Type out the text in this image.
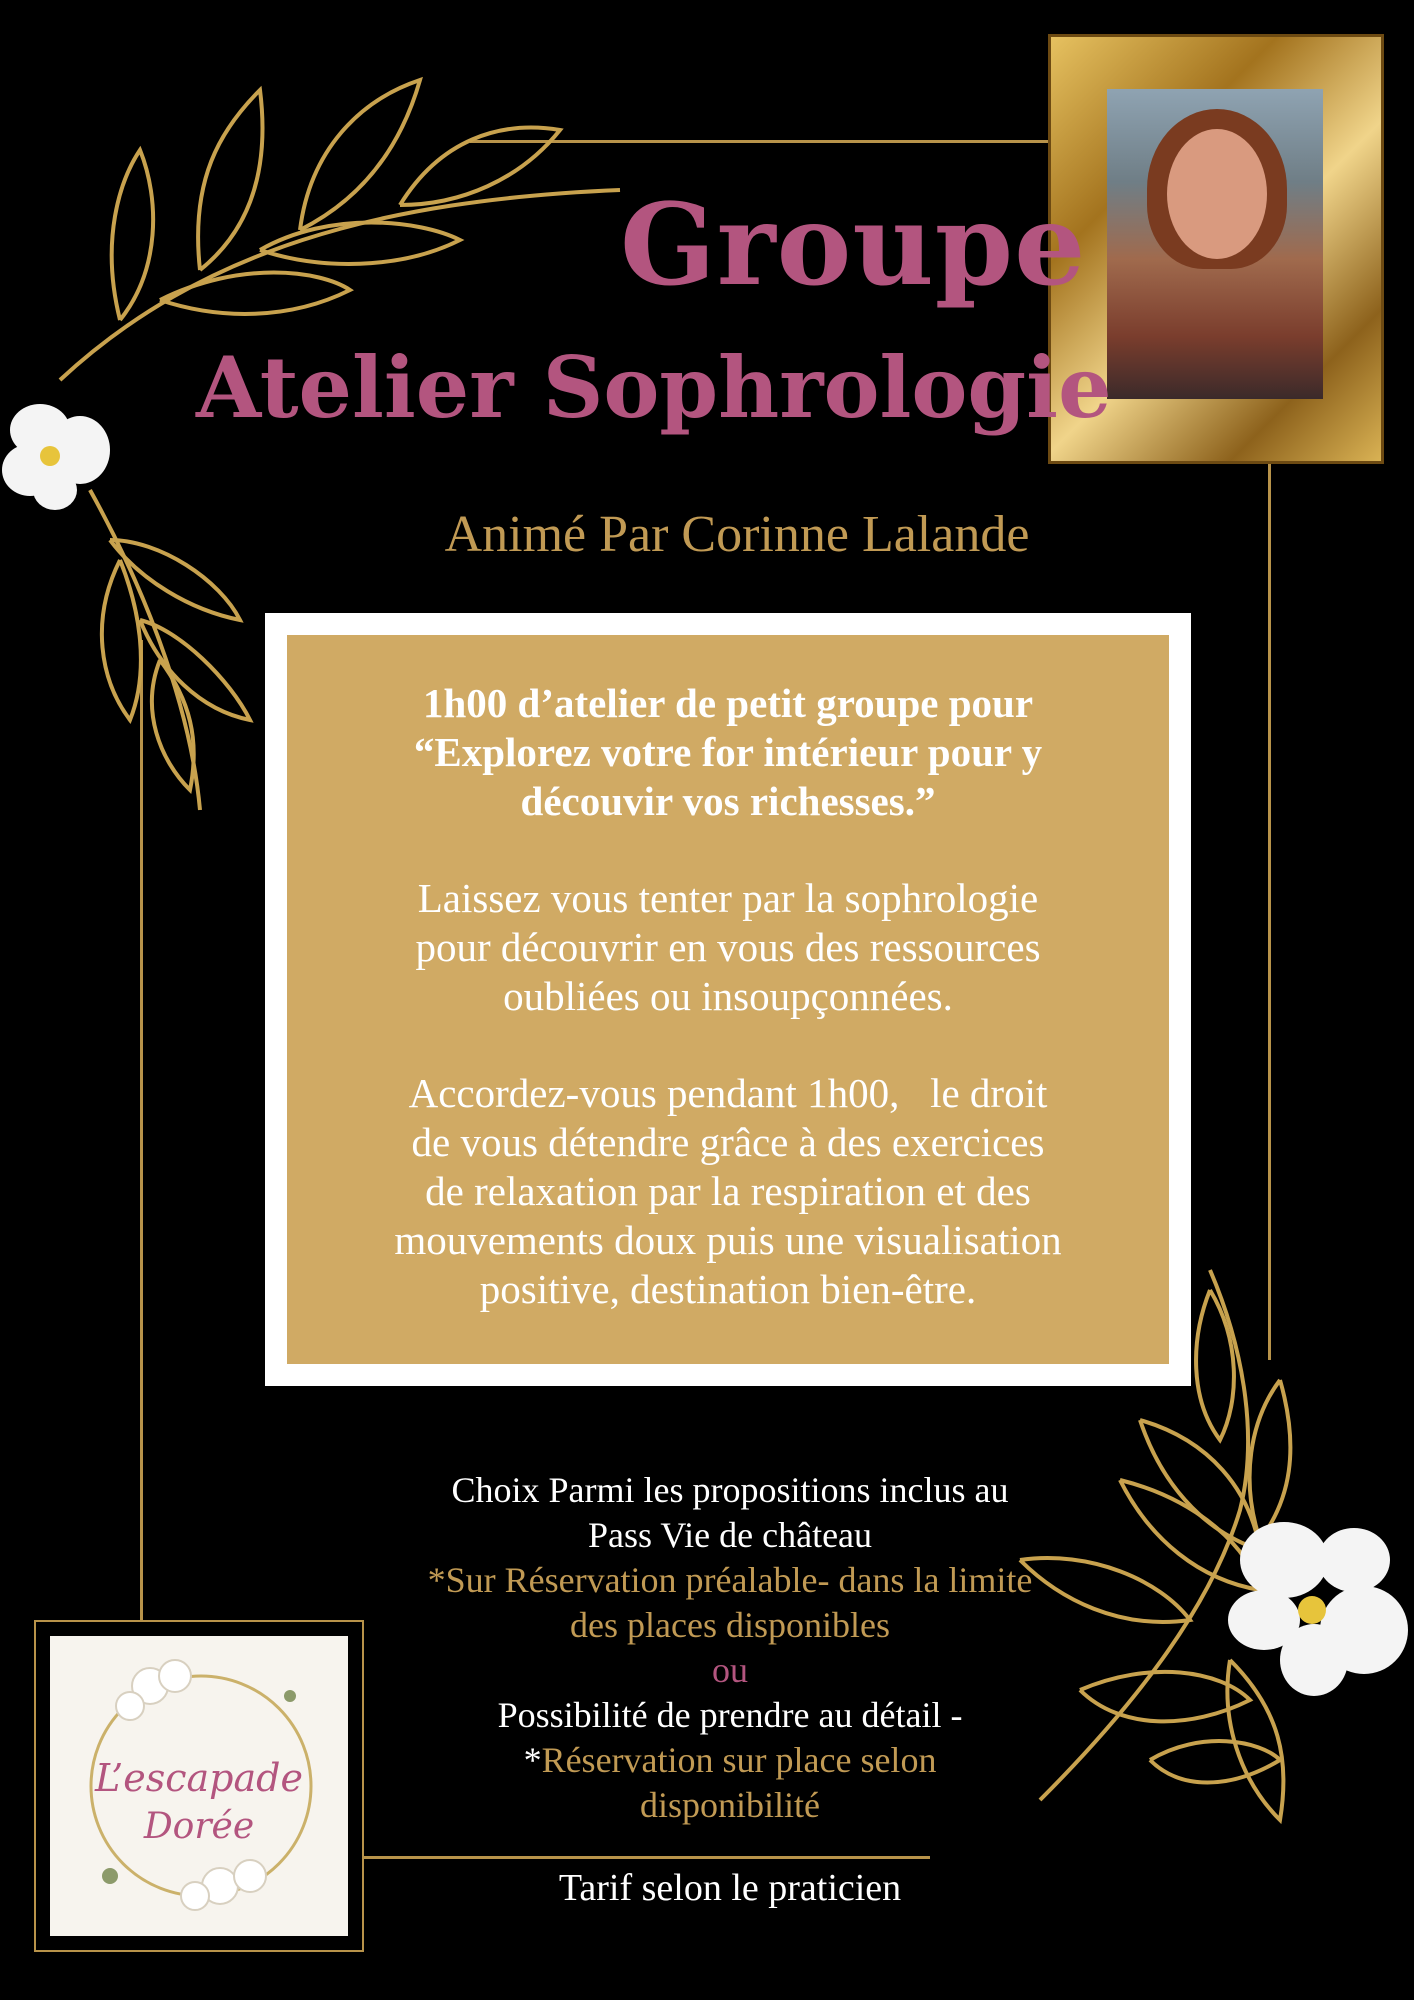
Groupe
Atelier Sophrologie
Animé Par Corinne Lalande

1h00 d’atelier de petit groupe pour

“Explorez votre for intérieur pour y

découvir vos richesses.”

Laissez vous tenter par la sophrologie

pour découvrir en vous des ressources

oubliées ou insoupçonnées.

Accordez-vous pendant 1h00,   le droit

de vous détendre grâce à des exercices

de relaxation par la respiration et des

mouvements doux puis une visualisation

positive, destination bien-être.

Choix Parmi les propositions inclus au
Pass Vie de château
*Sur Réservation préalable- dans la limite
des places disponibles
ou
Possibilité de prendre au détail -
*Réservation sur place selon
disponibilité
Tarif selon le praticien
L’escapade
Dorée
